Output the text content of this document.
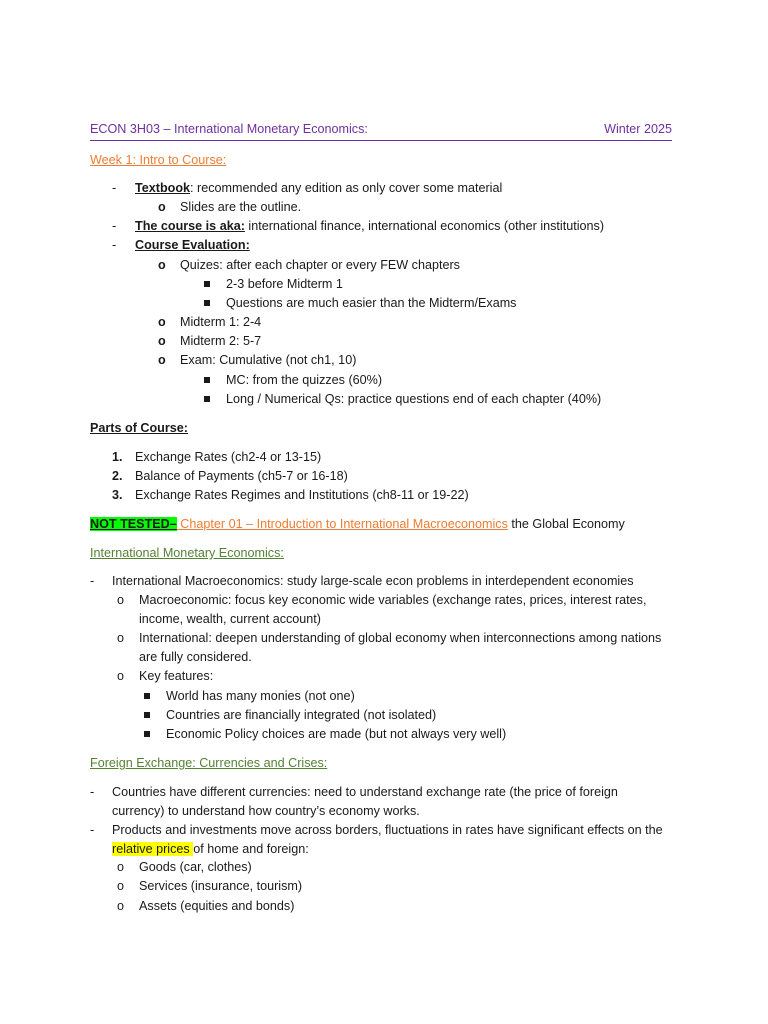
ECON 3H03 – International Monetary Economics:	Winter 2025
Week 1: Intro to Course:
- Textbook: recommended any edition as only cover some material
o Slides are the outline.
- The course is aka: international finance, international economics (other institutions)
- Course Evaluation:
o Quizes: after each chapter or every FEW chapters
2-3 before Midterm 1
Questions are much easier than the Midterm/Exams
o Midterm 1: 2-4
o Midterm 2: 5-7
o Exam: Cumulative (not ch1, 10)
MC: from the quizzes (60%)
Long / Numerical Qs: practice questions end of each chapter (40%)
Parts of Course:
1. Exchange Rates (ch2-4 or 13-15)
2. Balance of Payments (ch5-7 or 16-18)
3. Exchange Rates Regimes and Institutions (ch8-11 or 19-22)
NOT TESTED– Chapter 01 – Introduction to International Macroeconomics the Global Economy
International Monetary Economics:
- International Macroeconomics: study large-scale econ problems in interdependent economies
o Macroeconomic: focus key economic wide variables (exchange rates, prices, interest rates,
income, wealth, current account)
o International: deepen understanding of global economy when interconnections among nations
are fully considered.
o Key features:
World has many monies (not one)
Countries are financially integrated (not isolated)
Economic Policy choices are made (but not always very well)
Foreign Exchange: Currencies and Crises:
- Countries have different currencies: need to understand exchange rate (the price of foreign
currency) to understand how country’s economy works.
- Products and investments move across borders, fluctuations in rates have significant effects on the
relative prices of home and foreign:
o Goods (car, clothes)
o Services (insurance, tourism)
o Assets (equities and bonds)
